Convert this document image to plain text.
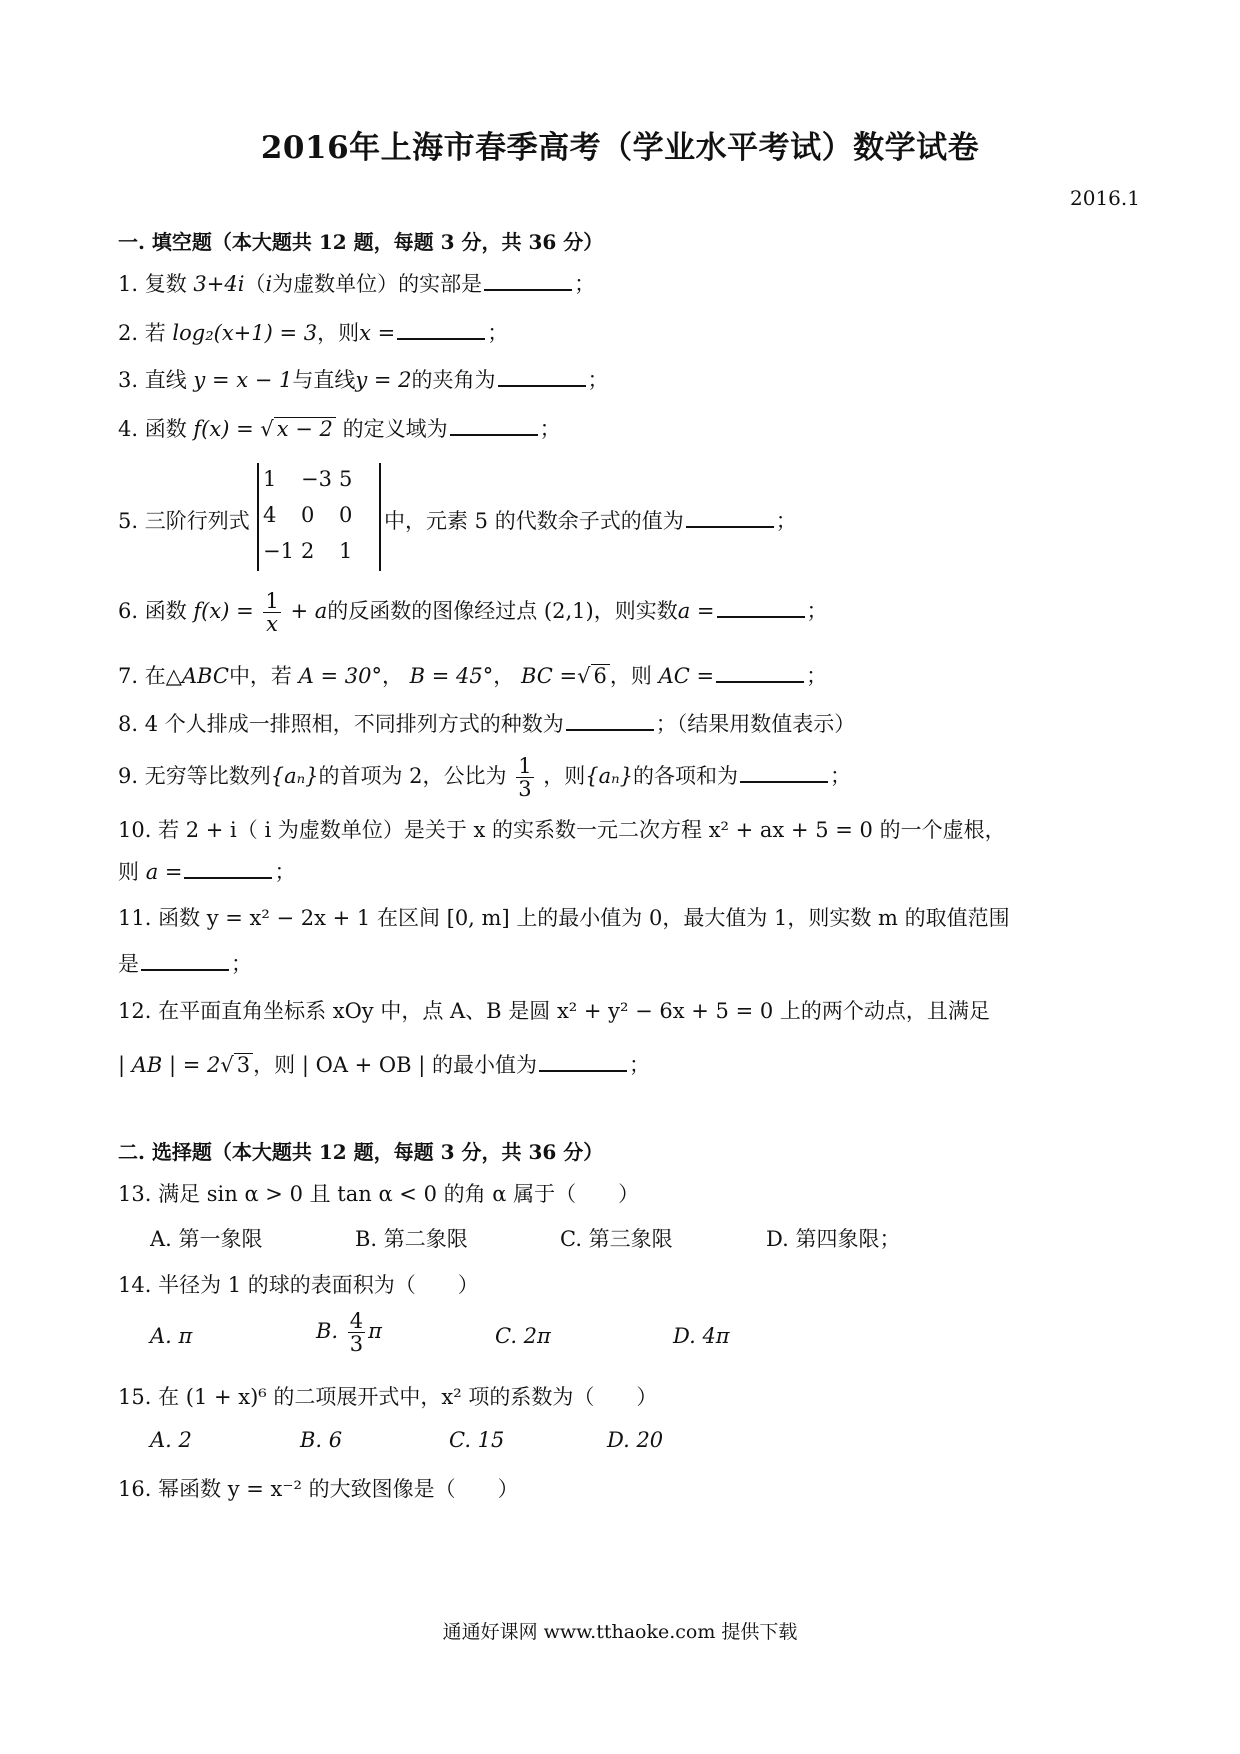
2016年上海市春季高考（学业水平考试）数学试卷
2016.1
一. 填空题（本大题共 12 题，每题 3 分，共 36 分）
1. 复数 3+4i（i为虚数单位）的实部是	；
2. 若 log₂(x+1) = 3，则x =	；
3. 直线 y = x − 1与直线y = 2的夹角为	；
4. 函数 f(x) = √ x − 2 的定义域为	；
5. 三阶行列式
1	−3 5
4	0	0
−1 2	1
中，元素 5 的代数余子式的值为	；
6. 函数 $f(x) = \frac{1}{x} + a$的反函数的图像经过点 (2,1)，则实数a =	；
7. 在△ABC中，若 A = 30°， B = 45°， BC =√ 6 ，则 AC =	；
8. 4 个人排成一排照相，不同排列方式的种数为	；（结果用数值表示）
9. 无穷等比数列{aₙ}的首项为 2，公比为 $\frac{1}{3}$ ，则{aₙ}的各项和为	；
10. 若 2 + i（ i 为虚数单位）是关于 x 的实系数一元二次方程 x² + ax + 5 = 0 的一个虚根，
则 a =	；
11. 函数 y = x² − 2x + 1 在区间 [0, m] 上的最小值为 0，最大值为 1，则实数 m 的取值范围
是	；
12. 在平面直角坐标系 xOy 中，点 A、B 是圆 x² + y² − 6x + 5 = 0 上的两个动点，且满足
| AB | = 2√ 3 ，则 | OA + OB | 的最小值为	；
二. 选择题（本大题共 12 题，每题 3 分，共 36 分）
13. 满足 sin α > 0 且 tan α < 0 的角 α 属于（　　）
A. 第一象限	B. 第二象限	C. 第三象限	D. 第四象限；
14. 半径为 1 的球的表面积为（　　）
A. π	B. $\frac{4}{3}$ π	C. 2π	D. 4π
15. 在 (1 + x)⁶ 的二项展开式中，x² 项的系数为（　　）
A. 2	B. 6	C. 15	D. 20
16. 幂函数 y = x⁻² 的大致图像是（　　）
通通好课网 www.tthaoke.com 提供下载
